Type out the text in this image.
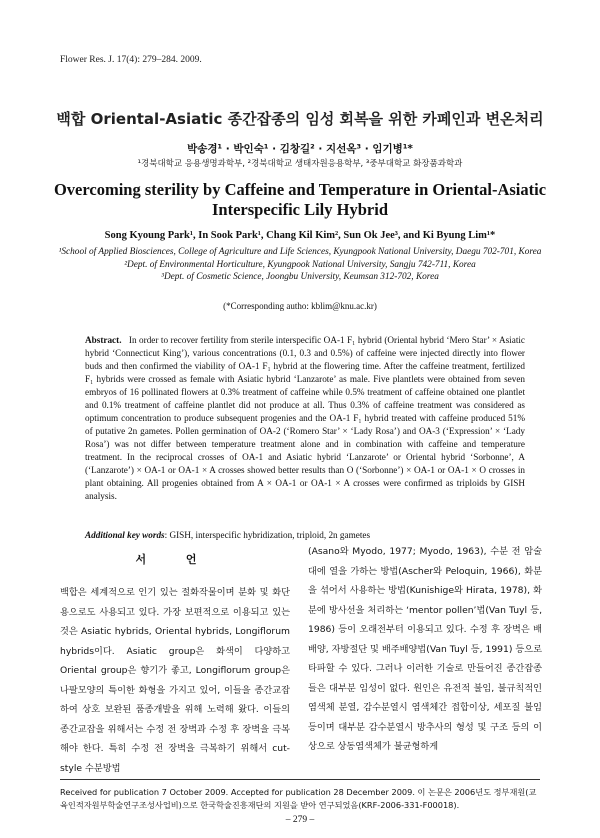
Flower Res. J. 17(4): 279–284. 2009.
백합 Oriental-Asiatic 종간잡종의 임성 회복을 위한 카페인과 변온처리
박송경¹ · 박인숙¹ · 김창길² · 지선옥³ · 임기병¹*
¹경북대학교 응용생명과학부, ²경북대학교 생태자원응용학부, ³중부대학교 화장품과학과
Overcoming sterility by Caffeine and Temperature in Oriental-Asiatic Interspecific Lily Hybrid
Song Kyoung Park¹, In Sook Park¹, Chang Kil Kim², Sun Ok Jee³, and Ki Byung Lim¹*
¹School of Applied Biosciences, College of Agriculture and Life Sciences, Kyungpook National University, Daegu 702-701, Korea
²Dept. of Environmental Horticulture, Kyungpook National University, Sangju 742-711, Korea
³Dept. of Cosmetic Science, Joongbu University, Keumsan 312-702, Korea
(*Corresponding autho: kblim@knu.ac.kr)
Abstract. In order to recover fertility from sterile interspecific OA-1 F₁ hybrid (Oriental hybrid ‘Mero Star’ × Asiatic hybrid ‘Connecticut King’), various concentrations (0.1, 0.3 and 0.5%) of caffeine were injected directly into flower buds and then confirmed the viability of OA-1 F₁ hybrid at the flowering time. After the caffeine treatment, fertilized F₁ hybrids were crossed as female with Asiatic hybrid ‘Lanzarote’ as male. Five plantlets were obtained from seven embryos of 16 pollinated flowers at 0.3% treatment of caffeine while 0.5% treatment of caffeine obtained one plantlet and 0.1% treatment of caffeine plantlet did not produce at all. Thus 0.3% of caffeine treatment was considered as optimum concentration to produce subsequent progenies and the OA-1 F₁ hybrid treated with caffeine produced 51% of putative 2n gametes. Pollen germination of OA-2 (‘Romero Star’ × ‘Lady Rosa’) and OA-3 (‘Expression’ × ‘Lady Rosa’) was not differ between temperature treatment alone and in combination with caffeine and temperature treatment. In the reciprocal crosses of OA-1 and Asiatic hybrid ‘Lanzarote’ or Oriental hybrid ‘Sorbonne’, A (‘Lanzarote’) × OA-1 or OA-1 × A crosses showed better results than O (‘Sorbonne’) × OA-1 or OA-1 × O crosses in plant obtaining. All progenies obtained from A × OA-1 or OA-1 × A crosses were confirmed as triploids by GISH analysis.
Additional key words: GISH, interspecific hybridization, triploid, 2n gametes
서 언
백합은 세계적으로 인기 있는 절화작물이며 분화 및 화단용으로도 사용되고 있다. 가장 보편적으로 이용되고 있는 것은 Asiatic hybrids, Oriental hybrids, Longiflorum hybrids이다. Asiatic group은 화색이 다양하고 Oriental group은 향기가 좋고, Longiflorum group은 나팔모양의 특이한 화형을 가지고 있어, 이들을 종간교잡하여 상호 보완된 품종개발을 위해 노력해 왔다. 이들의 종간교잡을 위해서는 수정 전 장벽과 수정 후 장벽을 극복해야 한다. 특히 수정 전 장벽을 극복하기 위해서 cut-style 수분방법
(Asano와 Myodo, 1977; Myodo, 1963), 수분 전 암술대에 열을 가하는 방법(Ascher와 Peloquin, 1966), 화분을 섞어서 사용하는 방법(Kunishige와 Hirata, 1978), 화분에 방사선을 처리하는 ‘mentor pollen’법(Van Tuyl 등, 1986) 등이 오래전부터 이용되고 있다. 수정 후 장벽은 배 배양, 자방절단 및 배주배양법(Van Tuyl 등, 1991) 등으로 타파할 수 있다. 그러나 이러한 기술로 만들어진 종간잡종들은 대부분 임성이 없다. 원인은 유전적 불임, 불규칙적인 염색체 분열, 감수분열시 염색체간 접합이상, 세포질 불임 등이며 대부분 감수분열시 방추사의 형성 및 구조 등의 이상으로 상동염색체가 불균형하게
Received for publication 7 October 2009. Accepted for publication 28 December 2009. 이 논문은 2006년도 정부재원(교육인적자원부학술연구조성사업비)으로 한국학술진흥재단의 지원을 받아 연구되었음(KRF-2006-331-F00018).
– 279 –
